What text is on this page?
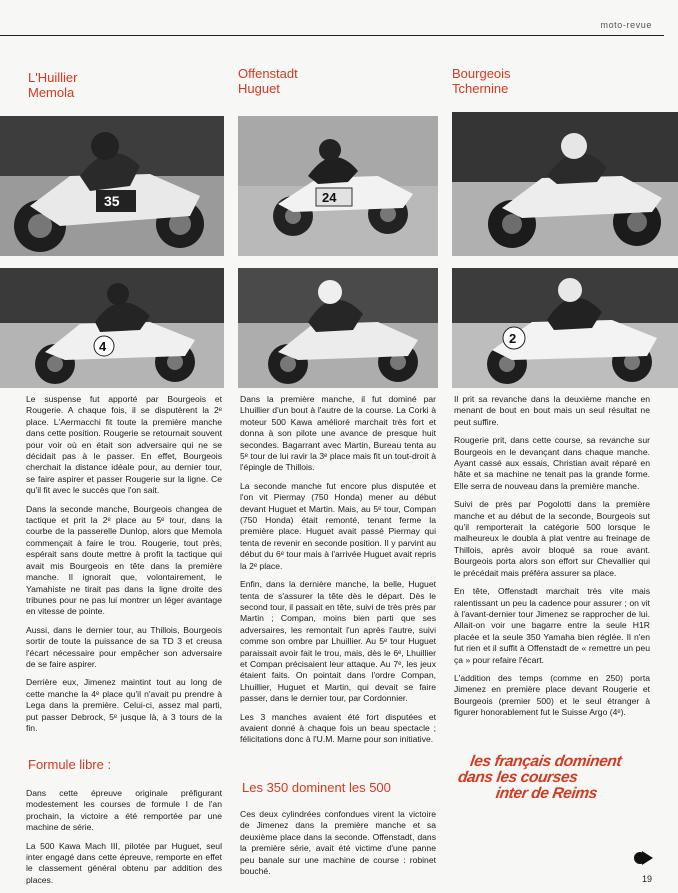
moto-revue
L'Huillier
Memola
Offenstadt
Huguet
Bourgeois
Tchernine
35	24
4
2

Le suspense fut apporté par Bourgeois et Rougerie. A chaque fois, il se disputèrent la 2ᵉ place. L'Aermacchi fit toute la première manche dans cette position. Rougerie se retournait souvent pour voir où en était son adversaire qui ne se décidait pas à le passer. En effet, Bourgeois cherchait la distance idéale pour, au dernier tour, se faire aspirer et passer Rougerie sur la ligne. Ce qu'il fit avec le succès que l'on sait.

Dans la seconde manche, Bourgeois changea de tactique et prit la 2ᵉ place au 5ᵉ tour, dans la courbe de la passerelle Dunlop, alors que Memola commençait à faire le trou. Rougerie, tout près, espérait sans doute mettre à profit la tactique qui avait mis Bourgeois en tête dans la première manche. Il ignorait que, volontairement, le Yamahiste ne tirait pas dans la ligne droite des tribunes pour ne pas lui montrer un léger avantage en vitesse de pointe.

Aussi, dans le dernier tour, au Thillois, Bourgeois sortir de toute la puissance de sa TD 3 et creusa l'écart nécessaire pour empêcher son adversaire de se faire aspirer.

Derrière eux, Jimenez maintint tout au long de cette manche la 4ᵉ place qu'il n'avait pu prendre à Lega dans la première. Celui-ci, assez mal parti, put passer Debrock, 5ᵉ jusque là, à 3 tours de la fin.

Formule libre :

Dans cette épreuve originale préfigurant modestement les courses de formule I de l'an prochain, la victoire a été remportée par une machine de série.

La 500 Kawa Mach III, pilotée par Huguet, seul inter engagé dans cette épreuve, remporte en effet le classement général obtenu par addition des places.

Dans la première manche, il fut dominé par Lhuillier d'un bout à l'autre de la course. La Corki à moteur 500 Kawa amélioré marchait très fort et donna à son pilote une avance de presque huit secondes. Bagarrant avec Martin, Bureau tenta au 5ᵉ tour de lui ravir la 3ᵉ place mais fit un tout-droit à l'épingle de Thillois.

La seconde manche fut encore plus disputée et l'on vit Piermay (750 Honda) mener au début devant Huguet et Martin. Mais, au 5ᵉ tour, Compan (750 Honda) était remonté, tenant ferme la première place. Huguet avait passé Piermay qui tenta de revenir en seconde position. Il y parvint au début du 6ᵉ tour mais à l'arrivée Huguet avait repris la 2ᵉ place.

Enfin, dans la dernière manche, la belle, Huguet tenta de s'assurer la tête dès le départ. Dès le second tour, il passait en tête, suivi de très près par Martin ; Compan, moins bien parti que ses adversaires, les remontait l'un après l'autre, suivi comme son ombre par Lhuillier. Au 5ᵉ tour Huguet paraissait avoir fait le trou, mais, dès le 6ᵉ, Lhuillier et Compan précisaient leur attaque. Au 7ᵉ, les jeux étaient faits. On pointait dans l'ordre Compan, Lhuillier, Huguet et Martin, qui devait se faire passer, dans le dernier tour, par Cordonnier.

Les 3 manches avaient été fort disputées et avaient donné à chaque fois un beau spectacle ; félicitations donc à l'U.M. Marne pour son initiative.

Les 350 dominent les 500

Ces deux cylindrées confondues virent la victoire de Jimenez dans la première manche et sa deuxième place dans la seconde. Offenstadt, dans la première série, avait été victime d'une panne peu banale sur une machine de course : robinet bouché.

Il prit sa revanche dans la deuxième manche en menant de bout en bout mais un seul résultat ne peut suffire.

Rougerie prit, dans cette course, sa revanche sur Bourgeois en le devançant dans chaque manche. Ayant cassé aux essais, Christian avait réparé en hâte et sa machine ne tenait pas la grande forme. Elle serra de nouveau dans la première manche.

Suivi de près par Pogolotti dans la première manche et au début de la seconde, Bourgeois sut qu'il remporterait la catégorie 500 lorsque le malheureux le doubla à plat ventre au freinage de Thillois, après avoir bloqué sa roue avant. Bourgeois porta alors son effort sur Chevallier qui le précédait mais préféra assurer sa place.

En tête, Offenstadt marchait très vite mais ralentissant un peu la cadence pour assurer ; on vit à l'avant-dernier tour Jimenez se rapprocher de lui. Allait-on voir une bagarre entre la seule H1R placée et la seule 350 Yamaha bien réglée. Il n'en fut rien et il suffit à Offenstadt de « remettre un peu ça » pour refaire l'écart.

L'addition des temps (comme en 250) porta Jimenez en première place devant Rougerie et Bourgeois (premier 500) et le seul étranger à figurer honorablement fut le Suisse Argo (4ᵉ).

les français dominent
dans les courses
inter de Reims
19
